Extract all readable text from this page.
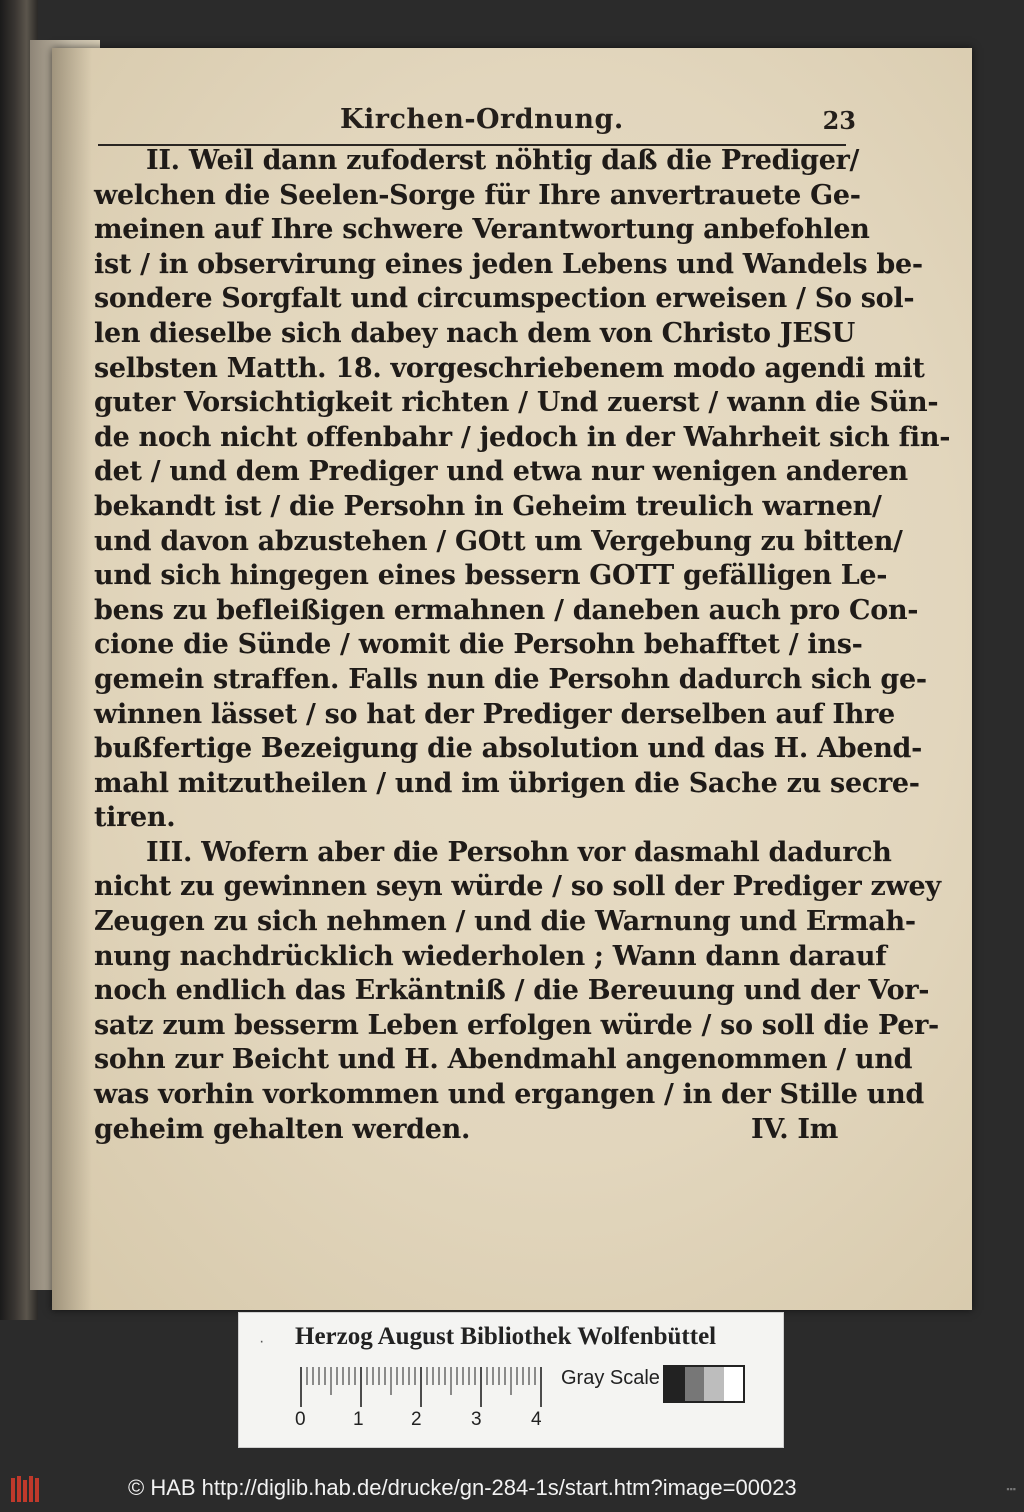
Kirchen-Ordnung.	23
II. Weil dann zufoderst nöhtig daß die Prediger/
welchen die Seelen-Sorge für Ihre anvertrauete Ge-
meinen auf Ihre schwere Verantwortung anbefohlen
ist / in observirung eines jeden Lebens und Wandels be-
sondere Sorgfalt und circumspection erweisen / So sol-
len dieselbe sich dabey nach dem von Christo JESU
selbsten Matth. 18. vorgeschriebenem modo agendi mit
guter Vorsichtigkeit richten / Und zuerst / wann die Sün-
de noch nicht offenbahr / jedoch in der Wahrheit sich fin-
det / und dem Prediger und etwa nur wenigen anderen
bekandt ist / die Persohn in Geheim treulich warnen/
und davon abzustehen / GOtt um Vergebung zu bitten/
und sich hingegen eines bessern GOTT gefälligen Le-
bens zu befleißigen ermahnen / daneben auch pro Con-
cione die Sünde / womit die Persohn behafftet / ins-
gemein straffen. Falls nun die Persohn dadurch sich ge-
winnen lässet / so hat der Prediger derselben auf Ihre
bußfertige Bezeigung die absolution und das H. Abend-
mahl mitzutheilen / und im übrigen die Sache zu secre-
tiren.
III. Wofern aber die Persohn vor dasmahl dadurch
nicht zu gewinnen seyn würde / so soll der Prediger zwey
Zeugen zu sich nehmen / und die Warnung und Ermah-
nung nachdrücklich wiederholen ; Wann dann darauf
noch endlich das Erkäntniß / die Bereuung und der Vor-
satz zum besserm Leben erfolgen würde / so soll die Per-
sohn zur Beicht und H. Abendmahl angenommen / und
was vorhin vorkommen und ergangen / in der Stille und
geheim gehalten werden.	IV. Im
· Herzog August Bibliothek Wolfenbüttel
0 1 2	3	4
Gray Scale
© HAB http://diglib.hab.de/drucke/gn-284-1s/start.htm?image=00023	▪▪▪
